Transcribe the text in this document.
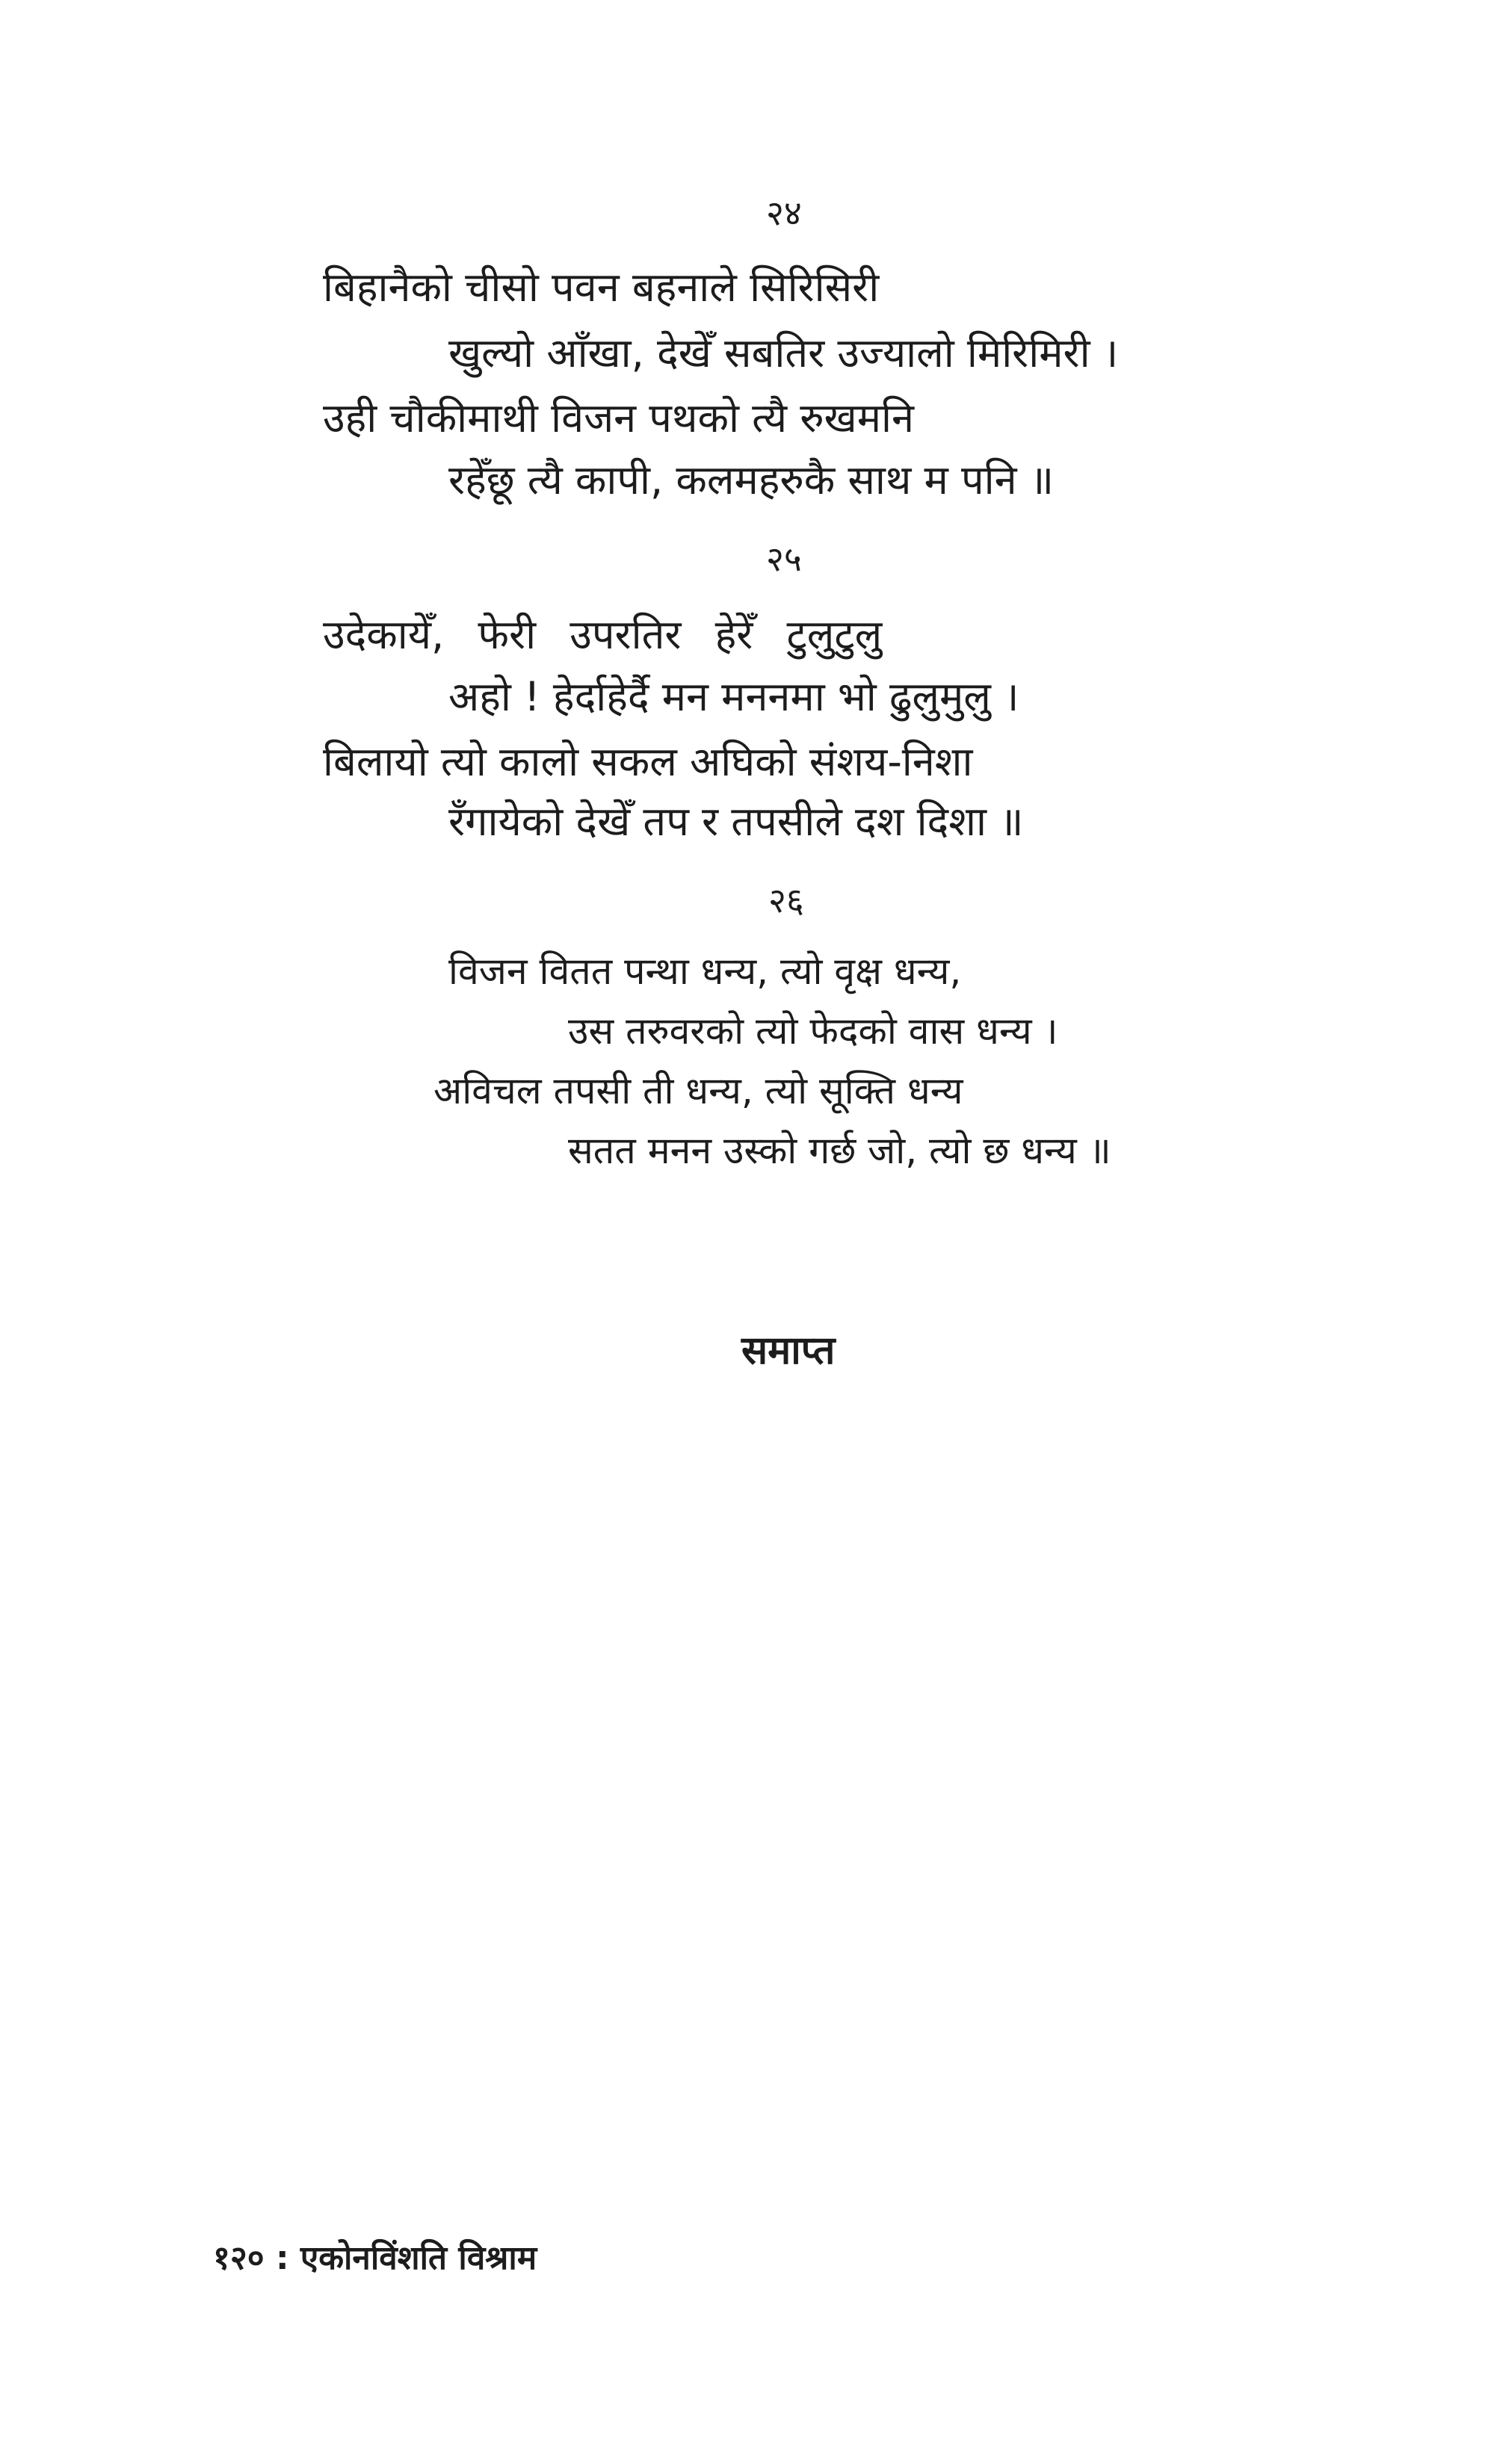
२४
बिहानैको चीसो पवन बहनाले सिरिसिरी
खुल्यो आँखा, देखेँ सबतिर उज्यालो मिरिमिरी ।
उही चौकीमाथी विजन पथको त्यै रुखमनि
रहेँछू त्यै कापी, कलमहरुकै साथ म पनि ॥
२५
उदेकायेँ, फेरी उपरतिर हेरेँ टुलुटुलु
अहो ! हेर्दाहेर्दै मन मननमा भो ढुलुमुलु ।
बिलायो त्यो कालो सकल अघिको संशय-निशा
रँगायेको देखेँ तप र तपसीले दश दिशा ॥
२६
विजन वितत पन्था धन्य, त्यो वृक्ष धन्य,
उस तरुवरको त्यो फेदको वास धन्य ।
अविचल तपसी ती धन्य, त्यो सूक्ति धन्य
सतत मनन उस्को गर्छ जो, त्यो छ धन्य ॥
समाप्त
१२० : एकोनविंशति विश्राम
